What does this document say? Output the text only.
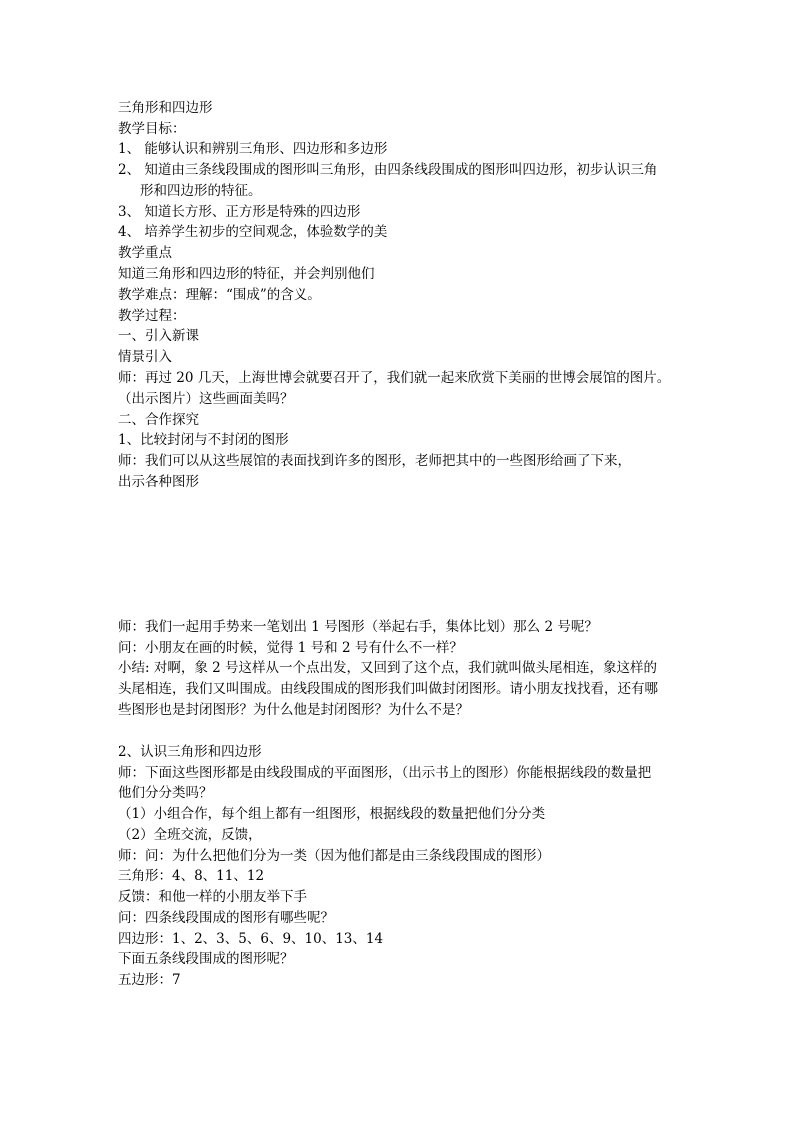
三角形和四边形
教学目标：
1、 能够认识和辨别三角形、四边形和多边形
2、 知道由三条线段围成的图形叫三角形，由四条线段围成的图形叫四边形，初步认识三角
形和四边形的特征。
3、 知道长方形、正方形是特殊的四边形
4、 培养学生初步的空间观念，体验数学的美
教学重点
知道三角形和四边形的特征，并会判别他们
教学难点：理解：“围成”的含义。
教学过程：
一、引入新课
情景引入
师：再过 20 几天，上海世博会就要召开了，我们就一起来欣赏下美丽的世博会展馆的图片。
（出示图片）这些画面美吗？
二、合作探究
1、比较封闭与不封闭的图形
师：我们可以从这些展馆的表面找到许多的图形，老师把其中的一些图形给画了下来，
出示各种图形
师：我们一起用手势来一笔划出 1 号图形（举起右手，集体比划）那么 2 号呢？
问：小朋友在画的时候，觉得 1 号和 2 号有什么不一样？
小结: 对啊，象 2 号这样从一个点出发，又回到了这个点，我们就叫做头尾相连，象这样的
头尾相连，我们又叫围成。由线段围成的图形我们叫做封闭图形。请小朋友找找看，还有哪
些图形也是封闭图形？为什么他是封闭图形？为什么不是？
2、认识三角形和四边形
师：下面这些图形都是由线段围成的平面图形，（出示书上的图形）你能根据线段的数量把
他们分分类吗？
（1）小组合作，每个组上都有一组图形，根据线段的数量把他们分分类
（2）全班交流，反馈，
师：问：为什么把他们分为一类（因为他们都是由三条线段围成的图形）
三角形：4、8、11、12
反馈：和他一样的小朋友举下手
问：四条线段围成的图形有哪些呢？
四边形：1、2、3、5、6、9、10、13、14
下面五条线段围成的图形呢？
五边形：7
